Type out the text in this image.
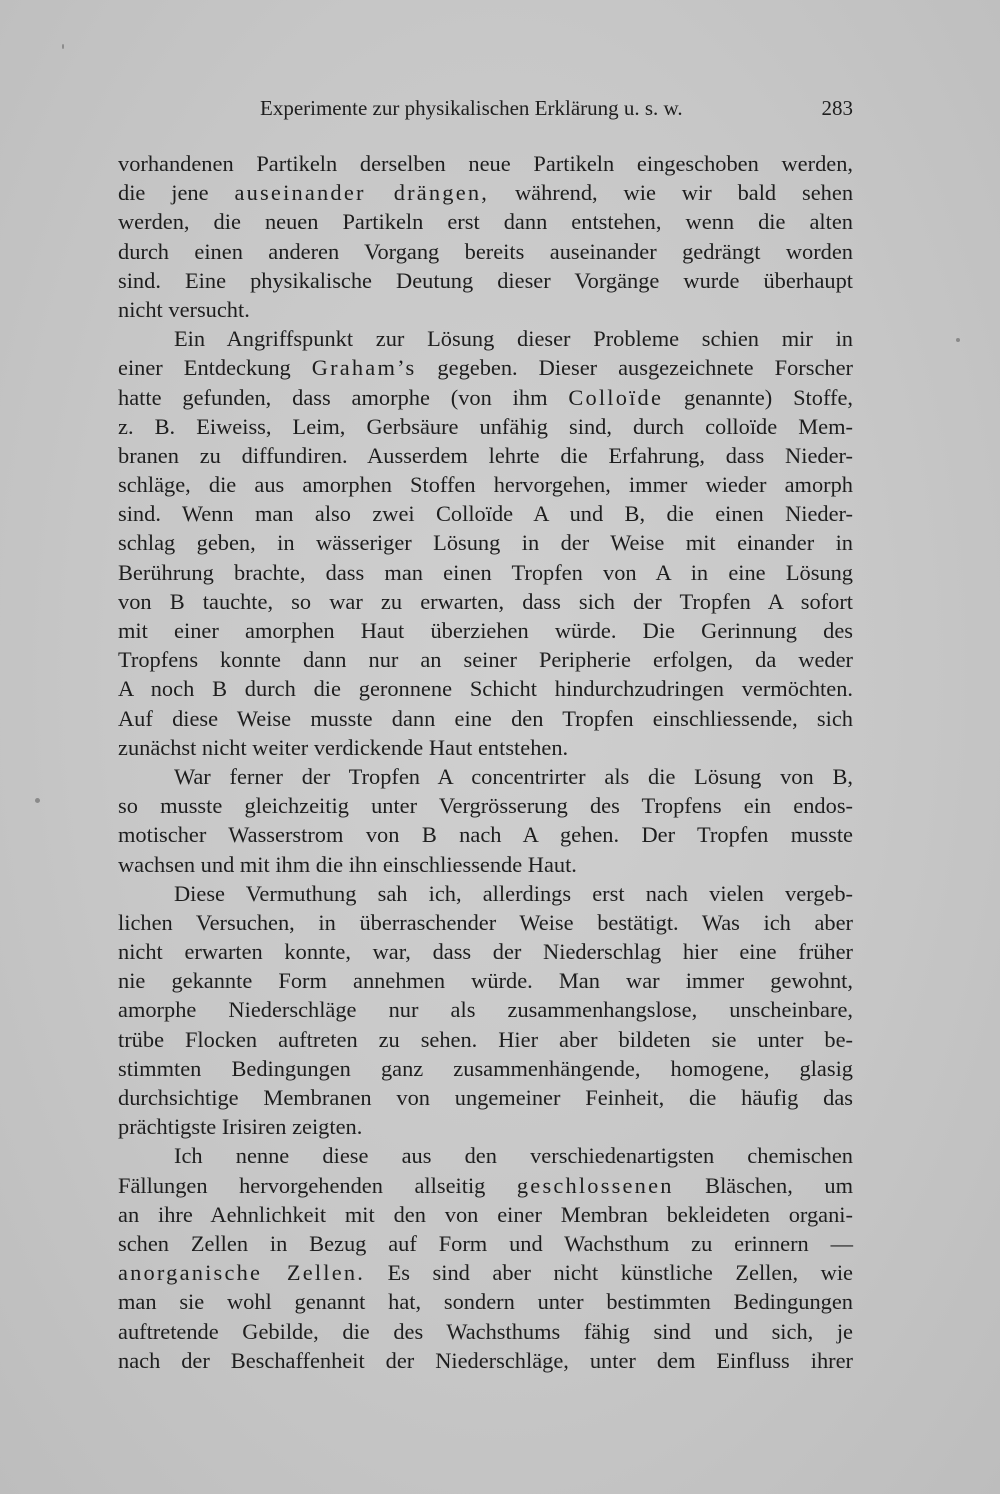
Experimente zur physikalischen Erklärung u. s. w.	283
vorhandenen Partikeln derselben neue Partikeln eingeschoben werden,
die jene auseinander drängen, während, wie wir bald sehen
werden, die neuen Partikeln erst dann entstehen, wenn die alten
durch einen anderen Vorgang bereits auseinander gedrängt worden
sind. Eine physikalische Deutung dieser Vorgänge wurde überhaupt
nicht versucht.
Ein Angriffspunkt zur Lösung dieser Probleme schien mir in
einer Entdeckung Graham’s gegeben. Dieser ausgezeichnete Forscher
hatte gefunden, dass amorphe (von ihm Colloïde genannte) Stoffe,
z. B. Eiweiss, Leim, Gerbsäure unfähig sind, durch colloïde Mem-
branen zu diffundiren. Ausserdem lehrte die Erfahrung, dass Nieder-
schläge, die aus amorphen Stoffen hervorgehen, immer wieder amorph
sind. Wenn man also zwei Colloïde A und B, die einen Nieder-
schlag geben, in wässeriger Lösung in der Weise mit einander in
Berührung brachte, dass man einen Tropfen von A in eine Lösung
von B tauchte, so war zu erwarten, dass sich der Tropfen A sofort
mit einer amorphen Haut überziehen würde. Die Gerinnung des
Tropfens konnte dann nur an seiner Peripherie erfolgen, da weder
A noch B durch die geronnene Schicht hindurchzudringen vermöchten.
Auf diese Weise musste dann eine den Tropfen einschliessende, sich
zunächst nicht weiter verdickende Haut entstehen.
War ferner der Tropfen A concentrirter als die Lösung von B,
so musste gleichzeitig unter Vergrösserung des Tropfens ein endos-
motischer Wasserstrom von B nach A gehen. Der Tropfen musste
wachsen und mit ihm die ihn einschliessende Haut.
Diese Vermuthung sah ich, allerdings erst nach vielen vergeb-
lichen Versuchen, in überraschender Weise bestätigt. Was ich aber
nicht erwarten konnte, war, dass der Niederschlag hier eine früher
nie gekannte Form annehmen würde. Man war immer gewohnt,
amorphe Niederschläge nur als zusammenhangslose, unscheinbare,
trübe Flocken auftreten zu sehen. Hier aber bildeten sie unter be-
stimmten Bedingungen ganz zusammenhängende, homogene, glasig
durchsichtige Membranen von ungemeiner Feinheit, die häufig das
prächtigste Irisiren zeigten.
Ich nenne diese aus den verschiedenartigsten chemischen
Fällungen hervorgehenden allseitig geschlossenen Bläschen, um
an ihre Aehnlichkeit mit den von einer Membran bekleideten organi-
schen Zellen in Bezug auf Form und Wachsthum zu erinnern —
anorganische Zellen. Es sind aber nicht künstliche Zellen, wie
man sie wohl genannt hat, sondern unter bestimmten Bedingungen
auftretende Gebilde, die des Wachsthums fähig sind und sich, je
nach der Beschaffenheit der Niederschläge, unter dem Einfluss ihrer
